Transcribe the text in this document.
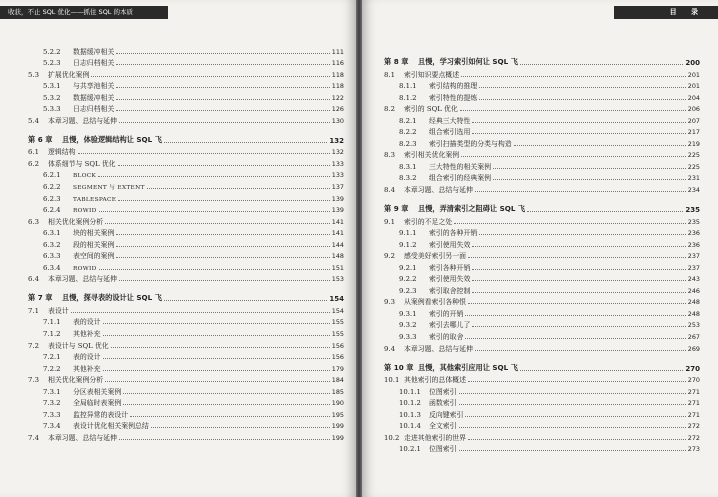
收获，不止 SQL 优化——抓住 SQL 的本质
5.2.2	数据缓冲相关	111
5.2.3	日志归档相关	116
5.3	扩展优化案例	118
5.3.1	与共享池相关	118
5.3.2	数据缓冲相关	122
5.3.3	日志归档相关	126
5.4	本章习题、总结与延伸	130
第 6 章	且慢，体验逻辑结构让 SQL 飞	132
6.1	逻辑结构	132
6.2	体系细节与 SQL 优化	133
6.2.1	BLOCK	133
6.2.2	SEGMENT 与 EXTENT	137
6.2.3	TABLESPACE	139
6.2.4	ROWID	139
6.3	相关优化案例分析	141
6.3.1	块的相关案例	141
6.3.2	段的相关案例	144
6.3.3	表空间的案例	148
6.3.4	ROWID	151
6.4	本章习题、总结与延伸	153
第 7 章	且慢，探寻表的设计让 SQL 飞	154
7.1	表设计	154
7.1.1	表的设计	155
7.1.2	其他补充	155
7.2	表设计与 SQL 优化	156
7.2.1	表的设计	156
7.2.2	其他补充	179
7.3	相关优化案例分析	184
7.3.1	分区表相关案例	185
7.3.2	全局临时表案例	190
7.3.3	监控异常的表设计	195
7.3.4	表设计优化相关案例总结	199
7.4	本章习题、总结与延伸	199
目 录
第 8 章	且慢，学习索引如何让 SQL 飞	200
8.1	索引知识要点概述	201
8.1.1	索引结构的推理	201
8.1.2	索引特性的提炼	204
8.2	索引的 SQL 优化	206
8.2.1	经典三大特性	207
8.2.2	组合索引选用	217
8.2.3	索引扫描类型的分类与构造	219
8.3	索引相关优化案例	225
8.3.1	三大特性的相关案例	225
8.3.2	组合索引的经典案例	231
8.4	本章习题、总结与延伸	234
第 9 章	且慢，弄清索引之阻碍让 SQL 飞	235
9.1	索引的不足之处	235
9.1.1	索引的各种开销	236
9.1.2	索引使用失效	236
9.2	感受美好索引另一面	237
9.2.1	索引各种开销	237
9.2.2	索引使用失效	243
9.2.3	索引取舍控制	246
9.3	从案例看索引各种恨	248
9.3.1	索引的开销	248
9.3.2	索引去哪儿了	253
9.3.3	索引的取舍	267
9.4	本章习题、总结与延伸	269
第 10 章 且慢，其他索引应用让 SQL 飞	270
10.1 其他索引的总体概述	270
10.1.1	位图索引	271
10.1.2	函数索引	271
10.1.3	反向键索引	271
10.1.4	全文索引	272
10.2 走进其他索引的世界	272
10.2.1	位图索引	273
